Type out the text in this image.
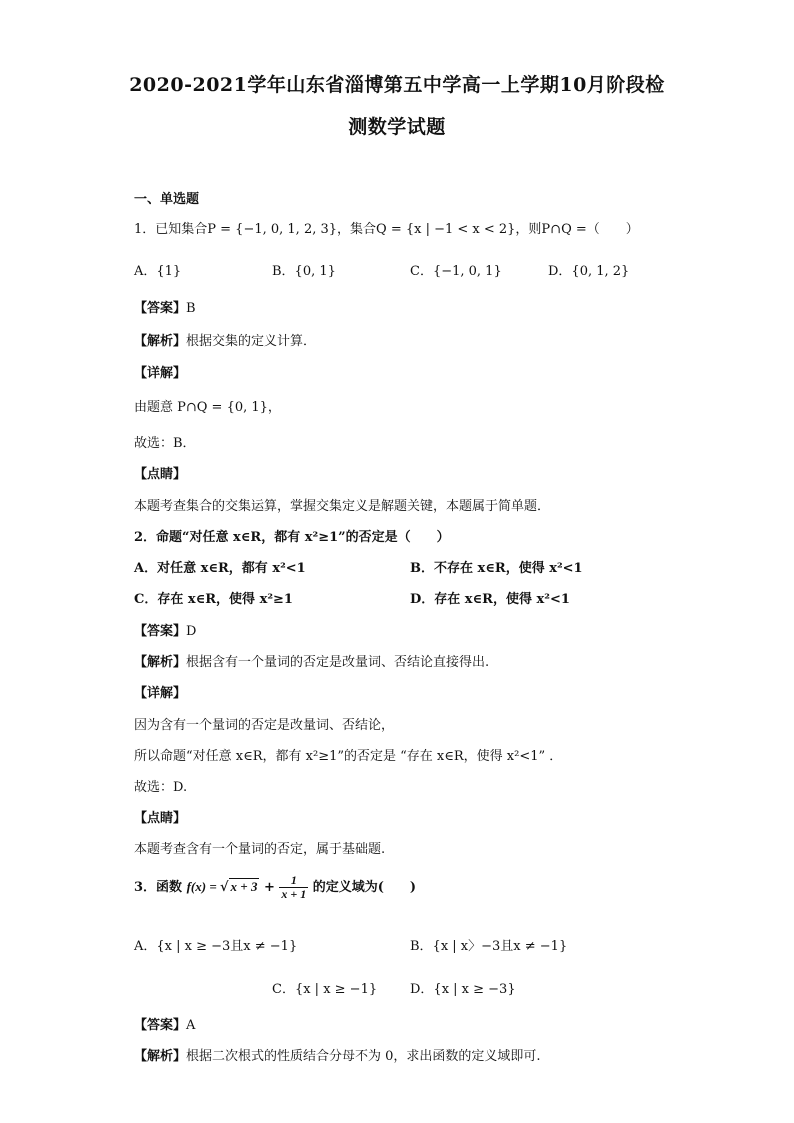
2020-2021学年山东省淄博第五中学高一上学期10月阶段检
测数学试题
一、单选题
1．已知集合P = {−1, 0, 1, 2, 3}，集合Q = {x | −1 < x < 2}，则P∩Q =（　　）
A．{1}	B．{0, 1}	C．{−1, 0, 1}	D．{0, 1, 2}
【答案】B
【解析】根据交集的定义计算．
【详解】
由题意 P∩Q = {0, 1}，
故选：B．
【点睛】
本题考查集合的交集运算，掌握交集定义是解题关键，本题属于简单题．
2．命题“对任意 x∈R，都有 x²≥1”的否定是（　　）
A．对任意 x∈R，都有 x²<1	B．不存在 x∈R，使得 x²<1
C．存在 x∈R，使得 x²≥1	D．存在 x∈R，使得 x²<1
【答案】D
【解析】根据含有一个量词的否定是改量词、否结论直接得出.
【详解】
因为含有一个量词的否定是改量词、否结论，
所以命题“对任意 x∈R，都有 x²≥1”的否定是 “存在 x∈R，使得 x²<1” ．
故选：D.
【点睛】
本题考查含有一个量词的否定，属于基础题.
3．函数 f(x) = √ $x + 3 + \frac{1}{x + 1}$ 的定义域为(　　)
A．{x | x ≥ −3且x ≠ −1}	B．{x | x〉−3且x ≠ −1}
C．{x | x ≥ −1}	D．{x | x ≥ −3}
【答案】A
【解析】根据二次根式的性质结合分母不为 0，求出函数的定义域即可.
